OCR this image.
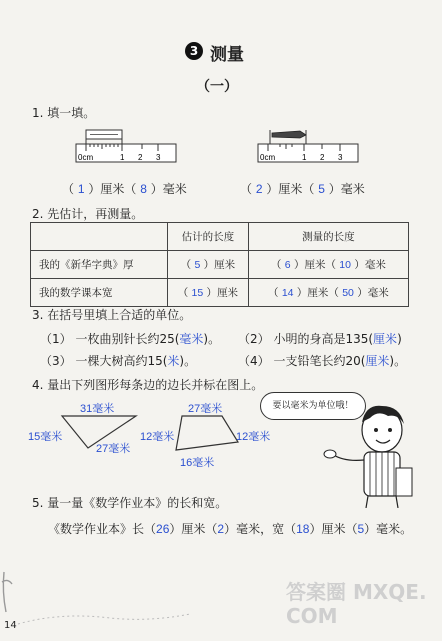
3 测量
（一）
1. 填一填。
0cm	1 2 3	0cm	1 2 3
（ 1 ）厘米（ 8 ）毫米	（ 2 ）厘米（ 5 ）毫米
2. 先估计，再测量。
	估计的长度	测量的长度
我的《新华字典》厚	（ 5 ）厘米	（ 6 ）厘米（ 10 ）毫米
我的数学课本宽	（ 15 ）厘米	（ 14 ）厘米（ 50 ）毫米
3. 在括号里填上合适的单位。
（1） 一枚曲别针长约25(毫米)。 （2） 小明的身高是135(厘米)
（3） 一棵大树高约15(米)。	（4） 一支铅笔长约20(厘米)。
4. 量出下列图形每条边的边长并标在图上。
31毫米
15毫米
27毫米
12毫米
27毫米
16毫米
12毫米
要以毫米为单位哦！
5. 量一量《数学作业本》的长和宽。
《数学作业本》长（26）厘米（2）毫米，宽（18）厘米（5）毫米。
14
答案圈 MXQE.COM
